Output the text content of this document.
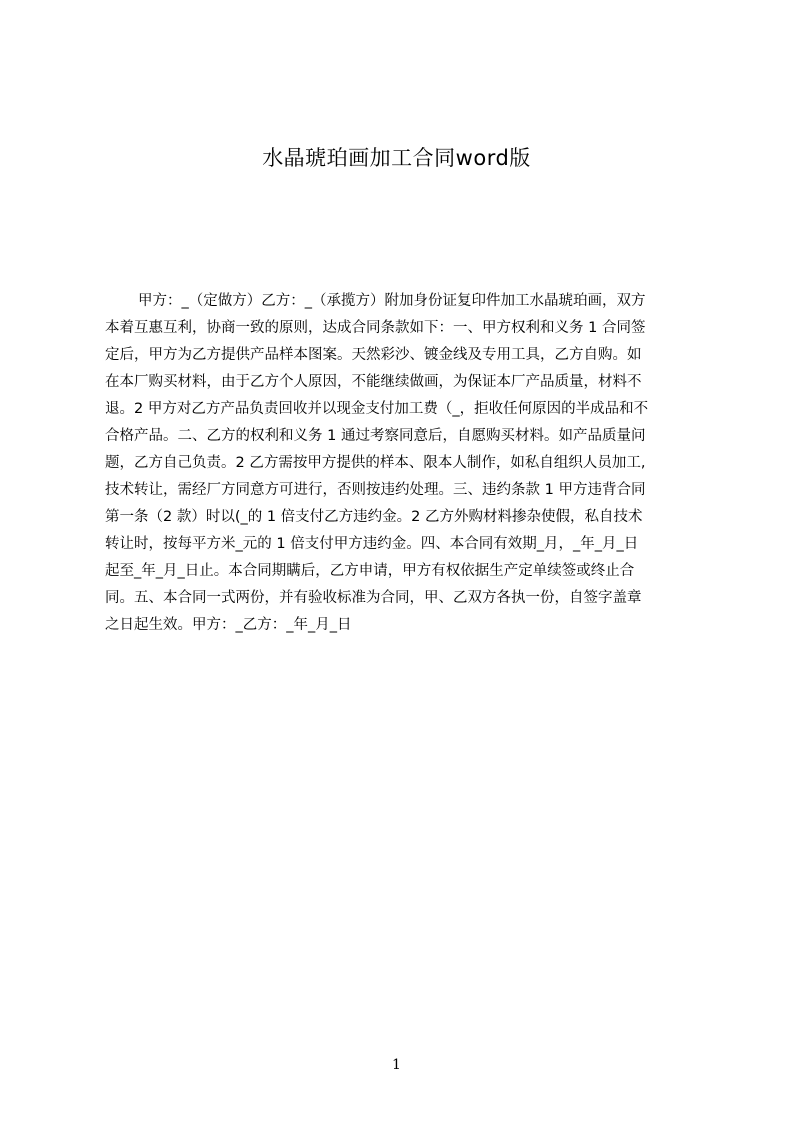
水晶琥珀画加工合同word版
甲方：_（定做方）乙方：_（承揽方）附加身份证复印件加工水晶琥珀画，双方
本着互惠互利，协商一致的原则，达成合同条款如下：一、甲方权利和义务 1 合同签
定后，甲方为乙方提供产品样本图案。天然彩沙、镀金线及专用工具，乙方自购。如
在本厂购买材料，由于乙方个人原因，不能继续做画，为保证本厂产品质量，材料不
退。2 甲方对乙方产品负责回收并以现金支付加工费（_，拒收任何原因的半成品和不
合格产品。二、乙方的权利和义务 1 通过考察同意后，自愿购买材料。如产品质量问
题，乙方自己负责。2 乙方需按甲方提供的样本、限本人制作，如私自组织人员加工,
技术转让，需经厂方同意方可进行，否则按违约处理。三、违约条款 1 甲方违背合同
第一条（2 款）时以(_的 1 倍支付乙方违约金。2 乙方外购材料掺杂使假，私自技术
转让时，按每平方米_元的 1 倍支付甲方违约金。四、本合同有效期_月，_年_月_日
起至_年_月_日止。本合同期瞒后，乙方申请，甲方有权依据生产定单续签或终止合
同。五、本合同一式两份，并有验收标准为合同，甲、乙双方各执一份，自签字盖章
之日起生效。甲方：_乙方：_年_月_日
1
